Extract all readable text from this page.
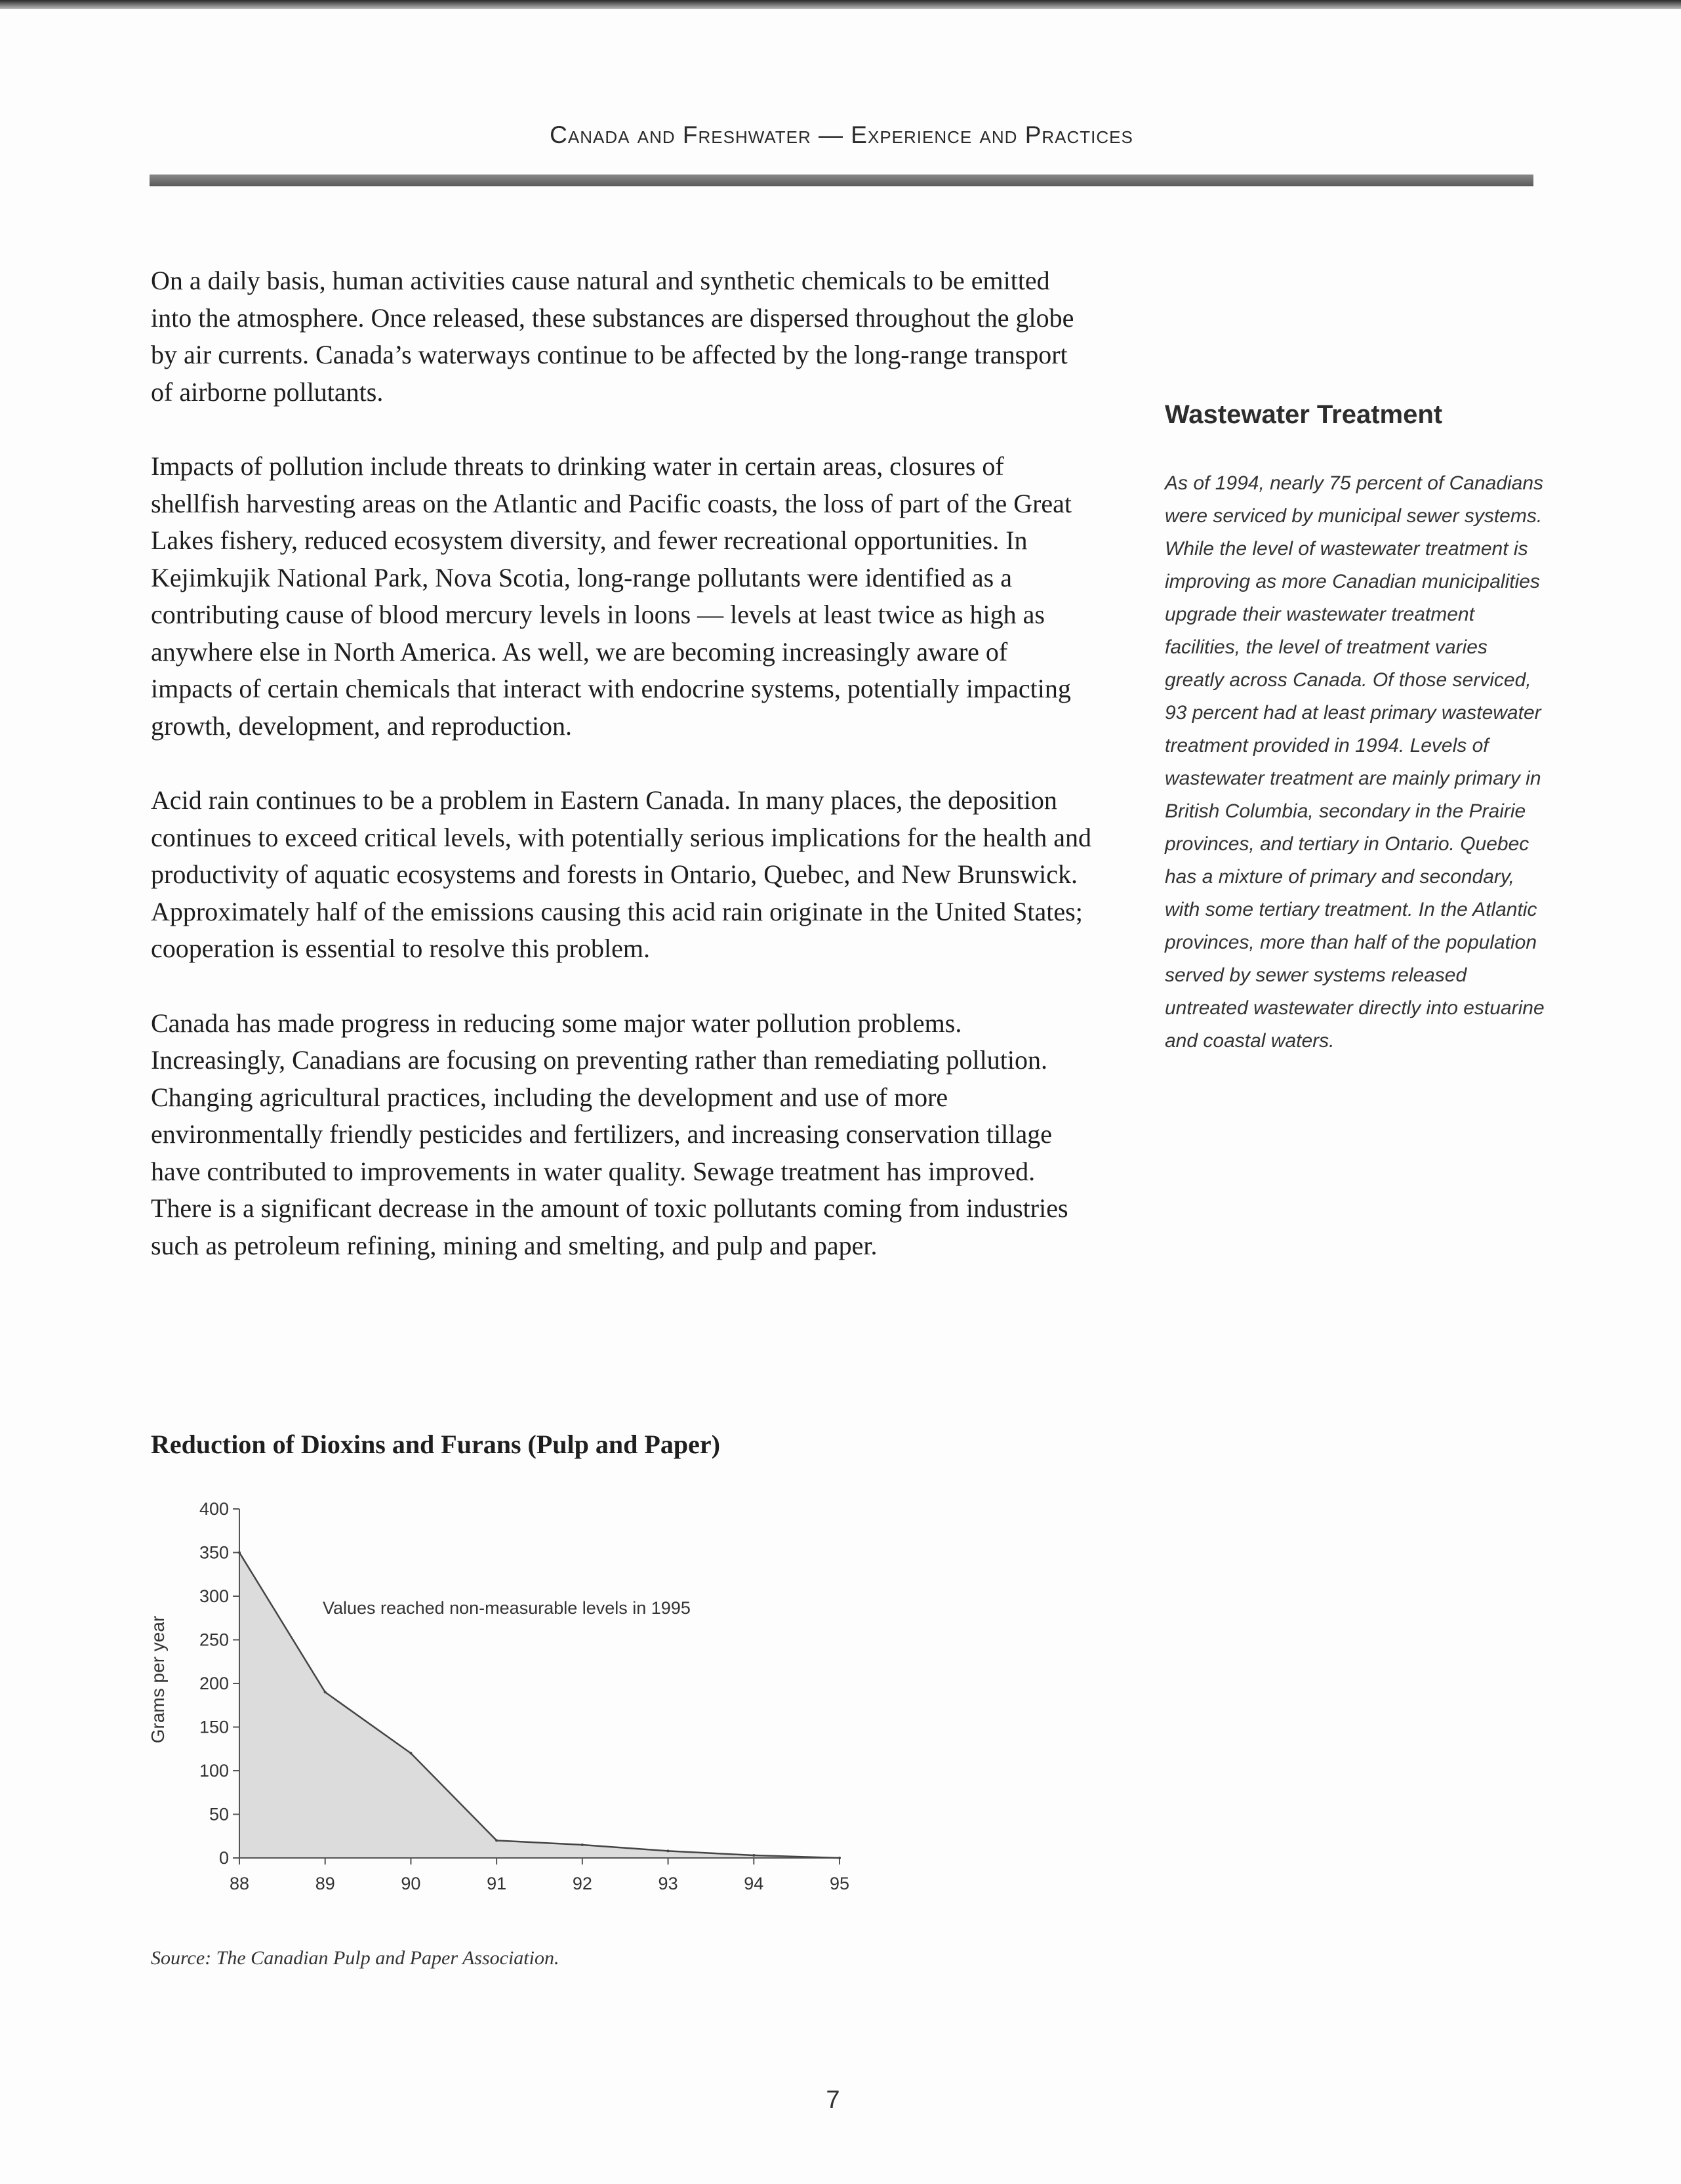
Canada and Freshwater — Experience and Practices

On a daily basis, human activities cause natural and synthetic chemicals to be emitted into the atmosphere. Once released, these substances are dispersed throughout the globe by air currents. Canada’s waterways continue to be affected by the long-range transport of airborne pollutants.

Impacts of pollution include threats to drinking water in certain areas, closures of shellfish harvesting areas on the Atlantic and Pacific coasts, the loss of part of the Great Lakes fishery, reduced ecosystem diversity, and fewer recreational opportunities. In Kejimkujik National Park, Nova Scotia, long-range pollutants were identified as a contributing cause of blood mercury levels in loons — levels at least twice as high as anywhere else in North America. As well, we are becoming increasingly aware of impacts of certain chemicals that interact with endocrine systems, potentially impacting growth, development, and reproduction.

Acid rain continues to be a problem in Eastern Canada. In many places, the deposition continues to exceed critical levels, with potentially serious implications for the health and productivity of aquatic ecosystems and forests in Ontario, Quebec, and New Brunswick. Approximately half of the emissions causing this acid rain originate in the United States; cooperation is essential to resolve this problem.

Canada has made progress in reducing some major water pollution problems. Increasingly, Canadians are focusing on preventing rather than remediating pollution. Changing agricultural practices, including the development and use of more environmentally friendly pesticides and fertilizers, and increasing conservation tillage have contributed to improvements in water quality. Sewage treatment has improved. There is a significant decrease in the amount of toxic pollutants coming from industries such as petroleum refining, mining and smelting, and pulp and paper.

Wastewater Treatment
As of 1994, nearly 75 percent of Canadians were serviced by municipal sewer systems. While the level of wastewater treatment is improving as more Canadian municipalities upgrade their wastewater treatment facilities, the level of treatment varies greatly across Canada. Of those serviced, 93 percent had at least primary wastewater treatment provided in 1994. Levels of wastewater treatment are mainly primary in British Columbia, secondary in the Prairie provinces, and tertiary in Ontario. Quebec has a mixture of primary and secondary, with some tertiary treatment. In the Atlantic provinces, more than half of the population served by sewer systems released untreated wastewater directly into estuarine and coastal waters.
Reduction of Dioxins and Furans (Pulp and Paper)
Grams per year
0
50
100
150
200
250
300
350
400
88	89	90	91	92	93	94	95
Values reached non-measurable levels in 1995
Source: The Canadian Pulp and Paper Association.
7
